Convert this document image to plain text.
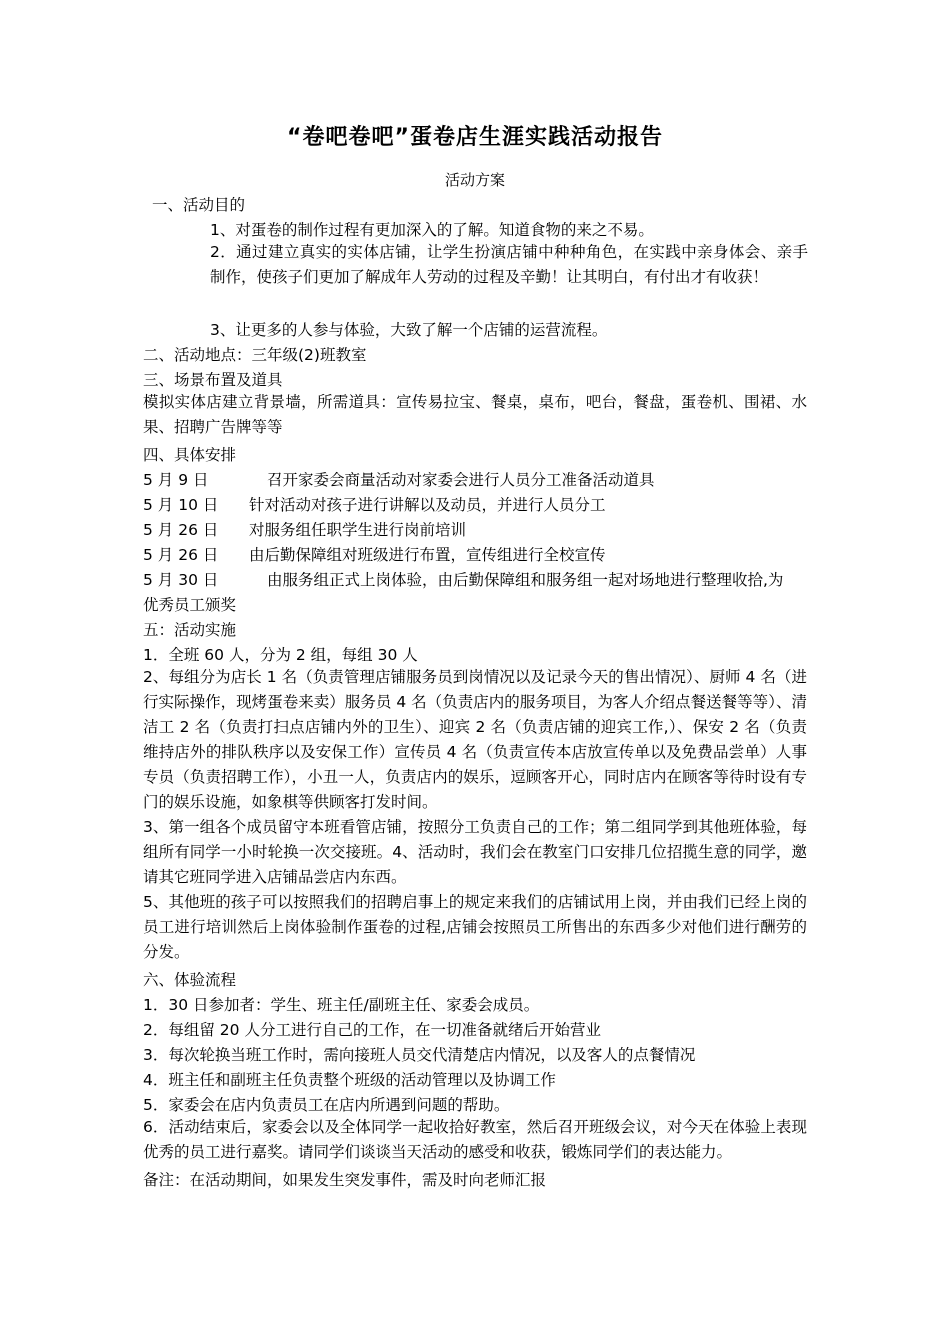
“卷吧卷吧”蛋卷店生涯实践活动报告
活动方案
一、活动目的
1、对蛋卷的制作过程有更加深入的了解。知道食物的来之不易。
2．通过建立真实的实体店铺，让学生扮演店铺中种种角色，在实践中亲身体会、亲手制作，使孩子们更加了解成年人劳动的过程及辛勤！让其明白，有付出才有收获！
3、让更多的人参与体验，大致了解一个店铺的运营流程。
二、活动地点：三年级(2)班教室
三、场景布置及道具
模拟实体店建立背景墙，所需道具：宣传易拉宝、餐桌，桌布，吧台，餐盘，蛋卷机、围裙、水果、招聘广告牌等等
四、具体安排
5 月 9 日	召开家委会商量活动对家委会进行人员分工准备活动道具
5 月 10 日 针对活动对孩子进行讲解以及动员，并进行人员分工
5 月 26 日 对服务组任职学生进行岗前培训
5 月 26 日 由后勤保障组对班级进行布置，宣传组进行全校宣传
5 月 30 日	由服务组正式上岗体验，由后勤保障组和服务组一起对场地进行整理收拾,为
优秀员工颁奖
五：活动实施
1．全班 60 人，分为 2 组，每组 30 人
2、每组分为店长 1 名（负责管理店铺服务员到岗情况以及记录今天的售出情况）、厨师 4 名（进行实际操作，现烤蛋卷来卖）服务员 4 名（负责店内的服务项目，为客人介绍点餐送餐等等）、清洁工 2 名（负责打扫点店铺内外的卫生）、迎宾 2 名（负责店铺的迎宾工作,）、保安 2 名（负责维持店外的排队秩序以及安保工作）宣传员 4 名（负责宣传本店放宣传单以及免费品尝单）人事专员（负责招聘工作），小丑一人，负责店内的娱乐，逗顾客开心，同时店内在顾客等待时设有专门的娱乐设施，如象棋等供顾客打发时间。
3、第一组各个成员留守本班看管店铺，按照分工负责自己的工作；第二组同学到其他班体验，每组所有同学一小时轮换一次交接班。4、活动时，我们会在教室门口安排几位招揽生意的同学，邀请其它班同学进入店铺品尝店内东西。
5、其他班的孩子可以按照我们的招聘启事上的规定来我们的店铺试用上岗，并由我们已经上岗的员工进行培训然后上岗体验制作蛋卷的过程,店铺会按照员工所售出的东西多少对他们进行酬劳的分发。
六、体验流程
1．30 日参加者：学生、班主任/副班主任、家委会成员。
2．每组留 20 人分工进行自己的工作，在一切准备就绪后开始营业
3．每次轮换当班工作时，需向接班人员交代清楚店内情况，以及客人的点餐情况
4．班主任和副班主任负责整个班级的活动管理以及协调工作
5．家委会在店内负责员工在店内所遇到问题的帮助。
6．活动结束后，家委会以及全体同学一起收拾好教室，然后召开班级会议，对今天在体验上表现优秀的员工进行嘉奖。请同学们谈谈当天活动的感受和收获，锻炼同学们的表达能力。
备注：在活动期间，如果发生突发事件，需及时向老师汇报
